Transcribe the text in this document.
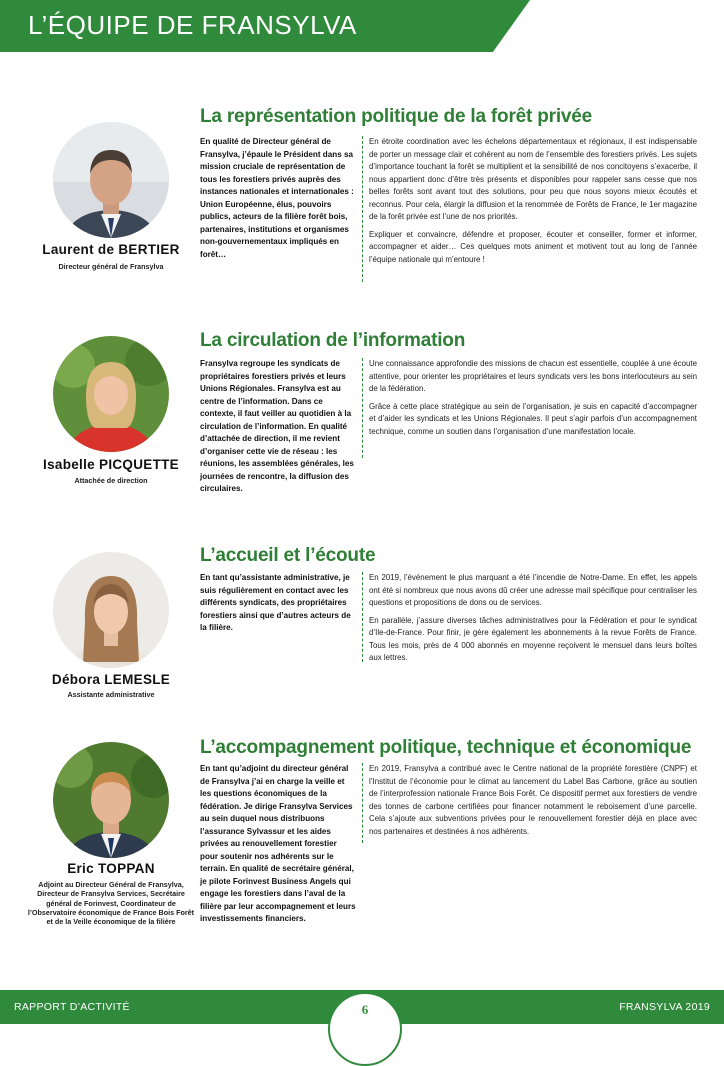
L’ÉQUIPE DE FRANSYLVA
Laurent de BERTIER
Directeur général de Fransylva
La représentation politique de la forêt privée
En qualité de Directeur général de Fransylva, j’épaule le Président dans sa mission cruciale de représentation de tous les forestiers privés auprès des instances nationales et internationales : Union Européenne, élus, pouvoirs publics, acteurs de la filière forêt bois, partenaires, institutions et organismes non-gouvernementaux impliqués en forêt…

En étroite coordination avec les échelons départementaux et régionaux, il est indispensable de porter un message clair et cohérent au nom de l’ensemble des forestiers privés. Les sujets d’importance touchant la forêt se multiplient et la sensibilité de nos concitoyens s’exacerbe, il nous appartient donc d’être très présents et disponibles pour rappeler sans cesse que nos belles forêts sont avant tout des solutions, pour peu que nous soyons mieux écoutés et reconnus. Pour cela, élargir la diffusion et la renommée de Forêts de France, le 1er magazine de la forêt privée est l’une de nos priorités.

Expliquer et convaincre, défendre et proposer, écouter et conseiller, former et informer, accompagner et aider… Ces quelques mots animent et motivent tout au long de l’année l’équipe nationale qui m’entoure !

Isabelle PICQUETTE
Attachée de direction
La circulation de l’information
Fransylva regroupe les syndicats de propriétaires forestiers privés et leurs Unions Régionales. Fransylva est au centre de l’information. Dans ce contexte, il faut veiller au quotidien à la circulation de l’information. En qualité d’attachée de direction, il me revient d’organiser cette vie de réseau : les réunions, les assemblées générales, les journées de rencontre, la diffusion des circulaires.

Une connaissance approfondie des missions de chacun est essentielle, couplée à une écoute attentive, pour orienter les propriétaires et leurs syndicats vers les bons interlocuteurs au sein de la fédération.

Grâce à cette place stratégique au sein de l’organisation, je suis en capacité d’accompagner et d’aider les syndicats et les Unions Régionales. Il peut s’agir parfois d’un accompagnement technique, comme un soutien dans l’organisation d’une manifestation locale.

Débora LEMESLE
Assistante administrative
L’accueil et l’écoute
En tant qu’assistante administrative, je suis régulièrement en contact avec les différents syndicats, des propriétaires forestiers ainsi que d’autres acteurs de la filière.

En 2019, l’événement le plus marquant a été l’incendie de Notre-Dame. En effet, les appels ont été si nombreux que nous avons dû créer une adresse mail spécifique pour centraliser les questions et propositions de dons ou de services.

En parallèle, j’assure diverses tâches administratives pour la Fédération et pour le syndicat d’Ile-de-France. Pour finir, je gère également les abonnements à la revue Forêts de France. Tous les mois, près de 4 000 abonnés en moyenne reçoivent le mensuel dans leurs boîtes aux lettres.

Eric TOPPAN
Adjoint au Directeur Général de Fransylva, Directeur de Fransylva Services, Secrétaire général de Forinvest, Coordinateur de l’Observatoire économique de France Bois Forêt et de la Veille économique de la filière
L’accompagnement politique, technique et économique
En tant qu’adjoint du directeur général de Fransylva j’ai en charge la veille et les questions économiques de la fédération. Je dirige Fransylva Services au sein duquel nous distribuons l’assurance Sylvassur et les aides privées au renouvellement forestier pour soutenir nos adhérents sur le terrain. En qualité de secrétaire général, je pilote Forinvest Business Angels qui engage les forestiers dans l’aval de la filière par leur accompagnement et leurs investissements financiers.

En 2019, Fransylva a contribué avec le Centre national de la propriété forestière (CNPF) et l’Institut de l’économie pour le climat au lancement du Label Bas Carbone, grâce au soutien de l’interprofession nationale France Bois Forêt. Ce dispositif permet aux forestiers de vendre des tonnes de carbone certifiées pour financer notamment le reboisement d’une parcelle. Cela s’ajoute aux subventions privées pour le renouvellement forestier déjà en place avec nos partenaires et destinées à nos adhérents.

RAPPORT D’ACTIVITÉ	FRANSYLVA 2019
6
